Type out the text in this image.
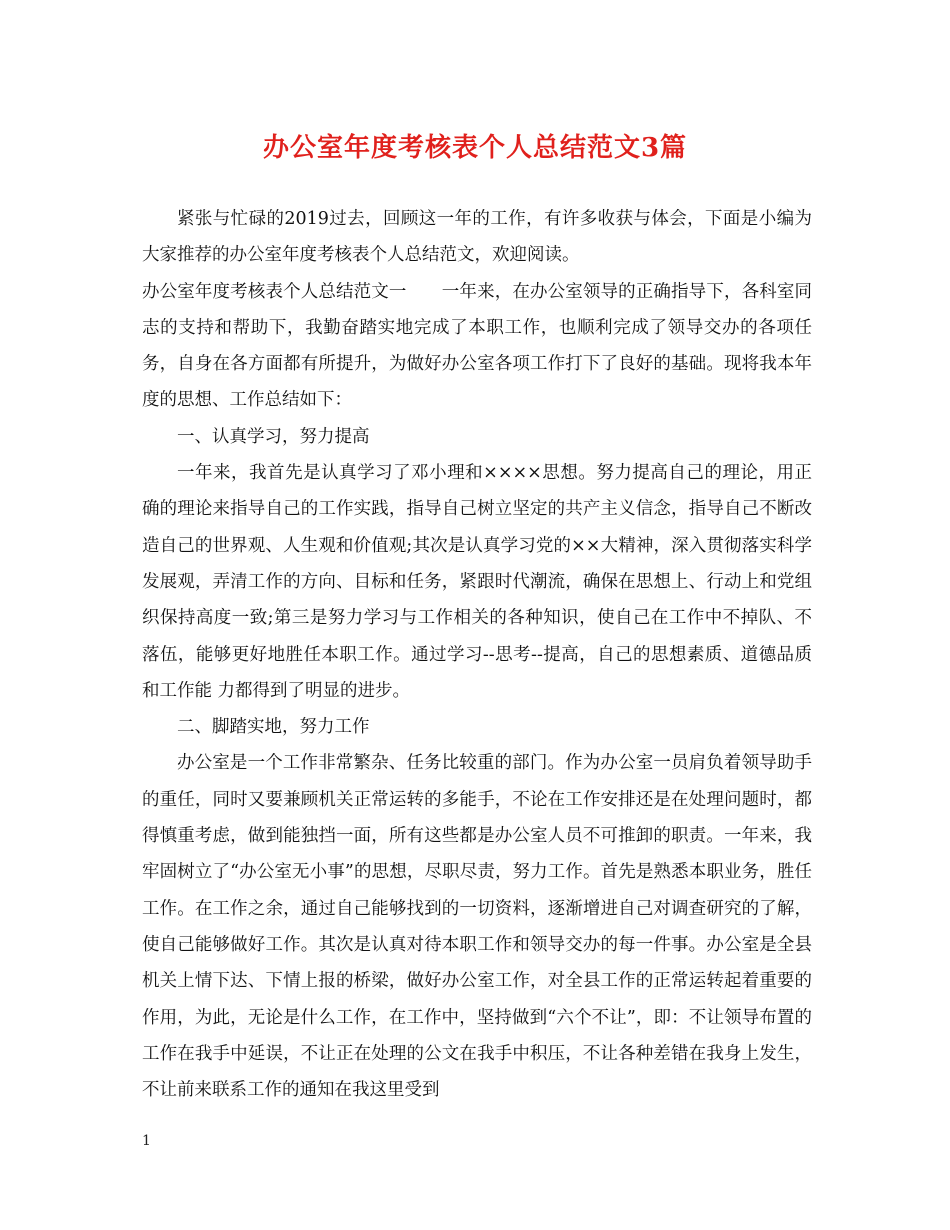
办公室年度考核表个人总结范文3篇

紧张与忙碌的2019过去，回顾这一年的工作，有许多收获与体会，下面是小编为大家推荐的办公室年度考核表个人总结范文，欢迎阅读。

办公室年度考核表个人总结范文一　　一年来，在办公室领导的正确指导下，各科室同志的支持和帮助下，我勤奋踏实地完成了本职工作，也顺利完成了领导交办的各项任务，自身在各方面都有所提升，为做好办公室各项工作打下了良好的基础。现将我本年度的思想、工作总结如下：

一、认真学习，努力提高

一年来，我首先是认真学习了邓小理和××××思想。努力提高自己的理论，用正确的理论来指导自己的工作实践，指导自己树立坚定的共产主义信念，指导自己不断改造自己的世界观、人生观和价值观;其次是认真学习党的××大精神，深入贯彻落实科学发展观，弄清工作的方向、目标和任务，紧跟时代潮流，确保在思想上、行动上和党组织保持高度一致;第三是努力学习与工作相关的各种知识，使自己在工作中不掉队、不落伍，能够更好地胜任本职工作。通过学习--思考--提高，自己的思想素质、道德品质和工作能 力都得到了明显的进步。

二、脚踏实地，努力工作

办公室是一个工作非常繁杂、任务比较重的部门。作为办公室一员肩负着领导助手的重任，同时又要兼顾机关正常运转的多能手，不论在工作安排还是在处理问题时，都得慎重考虑，做到能独挡一面，所有这些都是办公室人员不可推卸的职责。一年来，我牢固树立了“办公室无小事”的思想，尽职尽责，努力工作。首先是熟悉本职业务，胜任工作。在工作之余，通过自己能够找到的一切资料，逐渐增进自己对调查研究的了解，使自己能够做好工作。其次是认真对待本职工作和领导交办的每一件事。办公室是全县机关上情下达、下情上报的桥梁，做好办公室工作，对全县工作的正常运转起着重要的作用，为此，无论是什么工作，在工作中，坚持做到“六个不让”，即：不让领导布置的工作在我手中延误，不让正在处理的公文在我手中积压，不让各种差错在我身上发生，不让前来联系工作的通知在我这里受到

1
